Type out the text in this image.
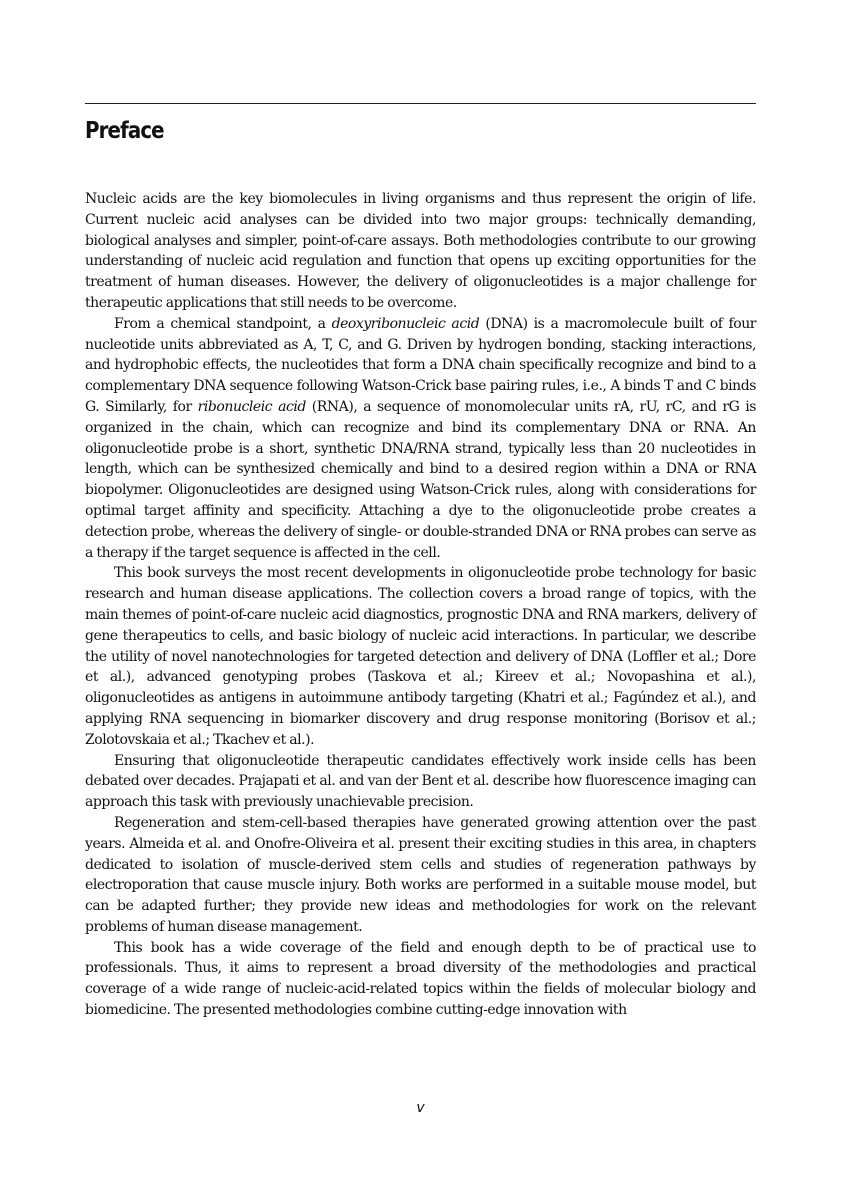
Preface

Nucleic acids are the key biomolecules in living organisms and thus represent the origin of life. Current nucleic acid analyses can be divided into two major groups: technically demanding, biological analyses and simpler, point-of-care assays. Both methodologies contribute to our growing understanding of nucleic acid regulation and function that opens up exciting opportunities for the treatment of human diseases. However, the delivery of oligonucleotides is a major challenge for therapeutic applications that still needs to be overcome.

From a chemical standpoint, a deoxyribonucleic acid (DNA) is a macromolecule built of four nucleotide units abbreviated as A, T, C, and G. Driven by hydrogen bonding, stacking interactions, and hydrophobic effects, the nucleotides that form a DNA chain specifically recognize and bind to a complementary DNA sequence following Watson-Crick base pairing rules, i.e., A binds T and C binds G. Similarly, for ribonucleic acid (RNA), a sequence of monomolecular units rA, rU, rC, and rG is organized in the chain, which can recognize and bind its complementary DNA or RNA. An oligonucleotide probe is a short, synthetic DNA/RNA strand, typically less than 20 nucleotides in length, which can be synthesized chemically and bind to a desired region within a DNA or RNA biopolymer. Oligonucleotides are designed using Watson-Crick rules, along with considerations for optimal target affinity and specificity. Attaching a dye to the oligonucleotide probe creates a detection probe, whereas the delivery of single- or double-stranded DNA or RNA probes can serve as a therapy if the target sequence is affected in the cell.

This book surveys the most recent developments in oligonucleotide probe technology for basic research and human disease applications. The collection covers a broad range of topics, with the main themes of point-of-care nucleic acid diagnostics, prognostic DNA and RNA markers, delivery of gene therapeutics to cells, and basic biology of nucleic acid interactions. In particular, we describe the utility of novel nanotechnologies for targeted detection and delivery of DNA (Loffler et al.; Dore et al.), advanced genotyping probes (Taskova et al.; Kireev et al.; Novopashina et al.), oligonucleotides as antigens in autoimmune antibody targeting (Khatri et al.; Fagúndez et al.), and applying RNA sequencing in biomarker discovery and drug response monitoring (Borisov et al.; Zolotovskaia et al.; Tkachev et al.).

Ensuring that oligonucleotide therapeutic candidates effectively work inside cells has been debated over decades. Prajapati et al. and van der Bent et al. describe how fluorescence imaging can approach this task with previously unachievable precision.

Regeneration and stem-cell-based therapies have generated growing attention over the past years. Almeida et al. and Onofre-Oliveira et al. present their exciting studies in this area, in chapters dedicated to isolation of muscle-derived stem cells and studies of regeneration pathways by electroporation that cause muscle injury. Both works are performed in a suitable mouse model, but can be adapted further; they provide new ideas and methodologies for work on the relevant problems of human disease management.

This book has a wide coverage of the field and enough depth to be of practical use to professionals. Thus, it aims to represent a broad diversity of the methodologies and practical coverage of a wide range of nucleic-acid-related topics within the fields of molecular biology and biomedicine. The presented methodologies combine cutting-edge innovation with

v
